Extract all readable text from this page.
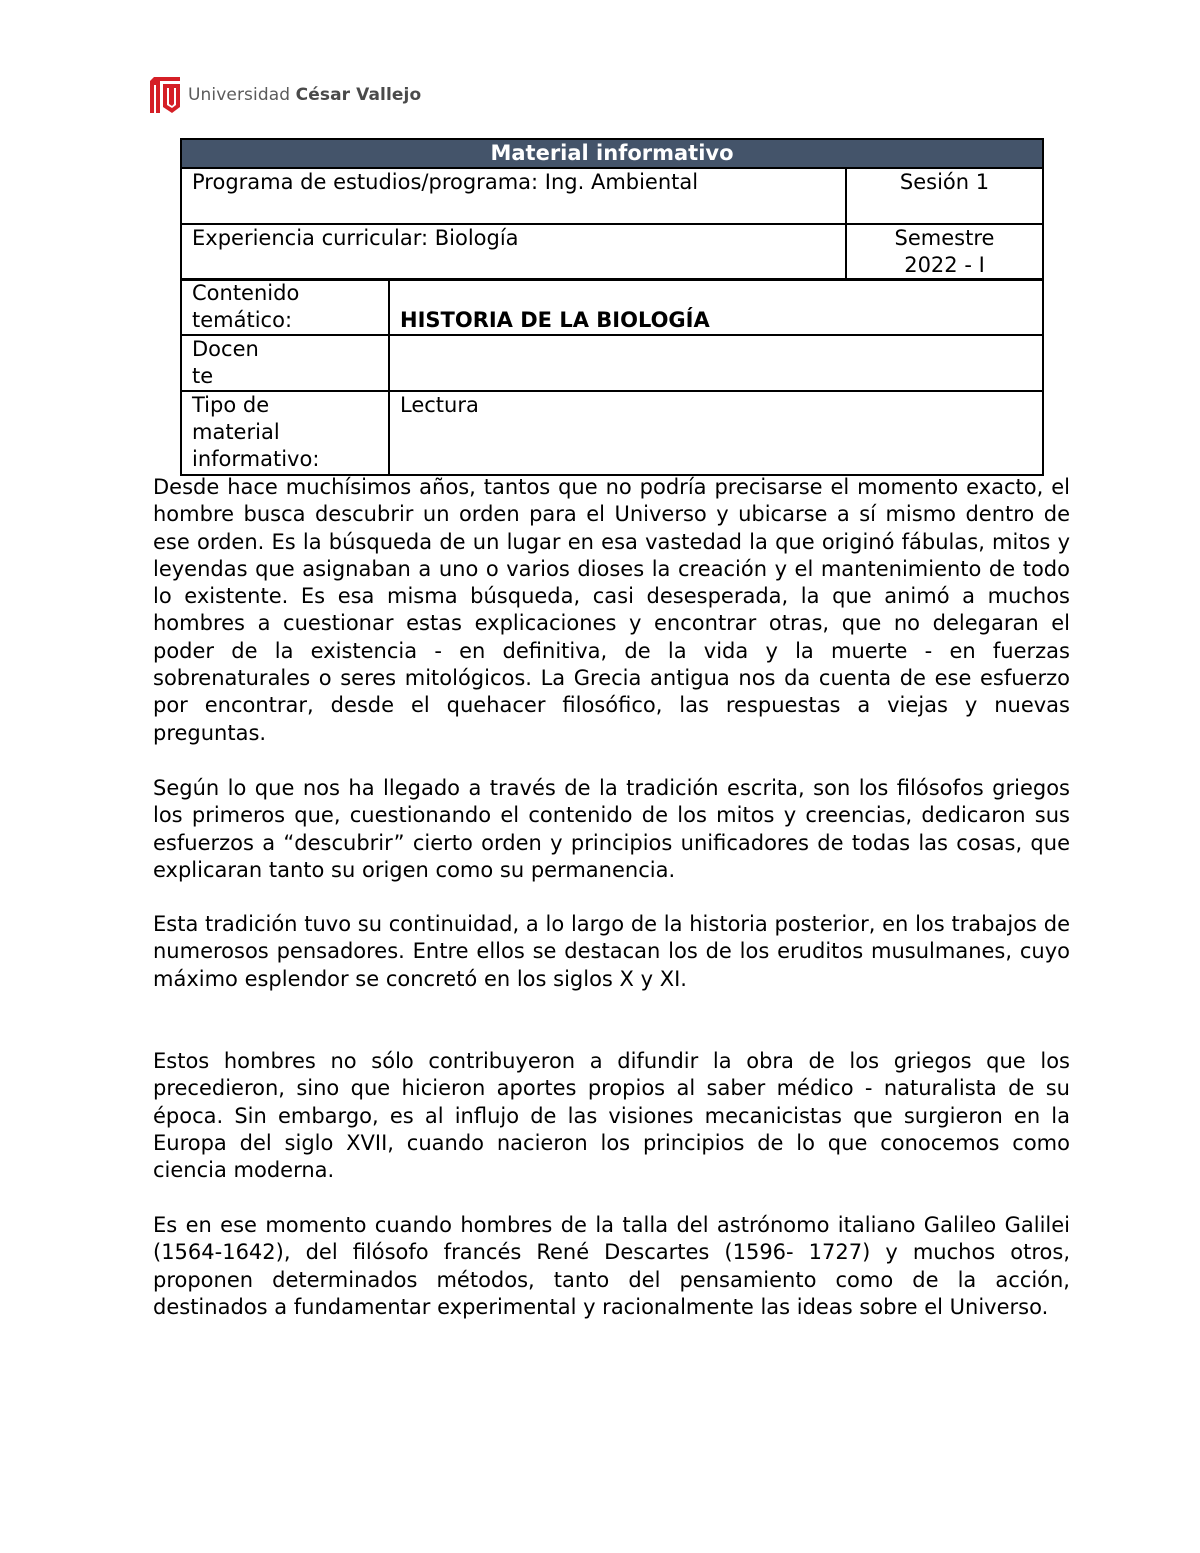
Universidad César Vallejo
Material informativo	
Programa de estudios/programa: Ing. Ambiental	Sesión 1
Experiencia curricular: Biología	Semestre
2022 - I
Contenido temático:	HISTORIA DE LA BIOLOGÍA

Docen te	

Tipo de material informativo:	Lectura

Desde hace muchísimos años, tantos que no podría precisarse el momento exacto, el hombre busca descubrir un orden para el Universo y ubicarse a sí mismo dentro de ese orden. Es la búsqueda de un lugar en esa vastedad la que originó fábulas, mitos y leyendas que asignaban a uno o varios dioses la creación y el mantenimiento de todo lo existente. Es esa misma búsqueda, casi desesperada, la que animó a muchos hombres a cuestionar estas explicaciones y encontrar otras, que no delegaran el poder de la existencia - en definitiva, de la vida y la muerte - en fuerzas sobrenaturales o seres mitológicos. La Grecia antigua nos da cuenta de ese esfuerzo por encontrar, desde el quehacer filosófico, las respuestas a viejas y nuevas preguntas.

Según lo que nos ha llegado a través de la tradición escrita, son los filósofos griegos los primeros que, cuestionando el contenido de los mitos y creencias, dedicaron sus esfuerzos a “descubrir” cierto orden y principios unificadores de todas las cosas, que explicaran tanto su origen como su permanencia.

Esta tradición tuvo su continuidad, a lo largo de la historia posterior, en los trabajos de numerosos pensadores. Entre ellos se destacan los de los eruditos musulmanes, cuyo máximo esplendor se concretó en los siglos X y XI.

Estos hombres no sólo contribuyeron a difundir la obra de los griegos que los precedieron, sino que hicieron aportes propios al saber médico - naturalista de su época. Sin embargo, es al influjo de las visiones mecanicistas que surgieron en la Europa del siglo XVII, cuando nacieron los principios de lo que conocemos como ciencia moderna.

Es en ese momento cuando hombres de la talla del astrónomo italiano Galileo Galilei (1564-1642), del filósofo francés René Descartes (1596- 1727) y muchos otros, proponen determinados métodos, tanto del pensamiento como de la acción, destinados a fundamentar experimental y racionalmente las ideas sobre el Universo.
